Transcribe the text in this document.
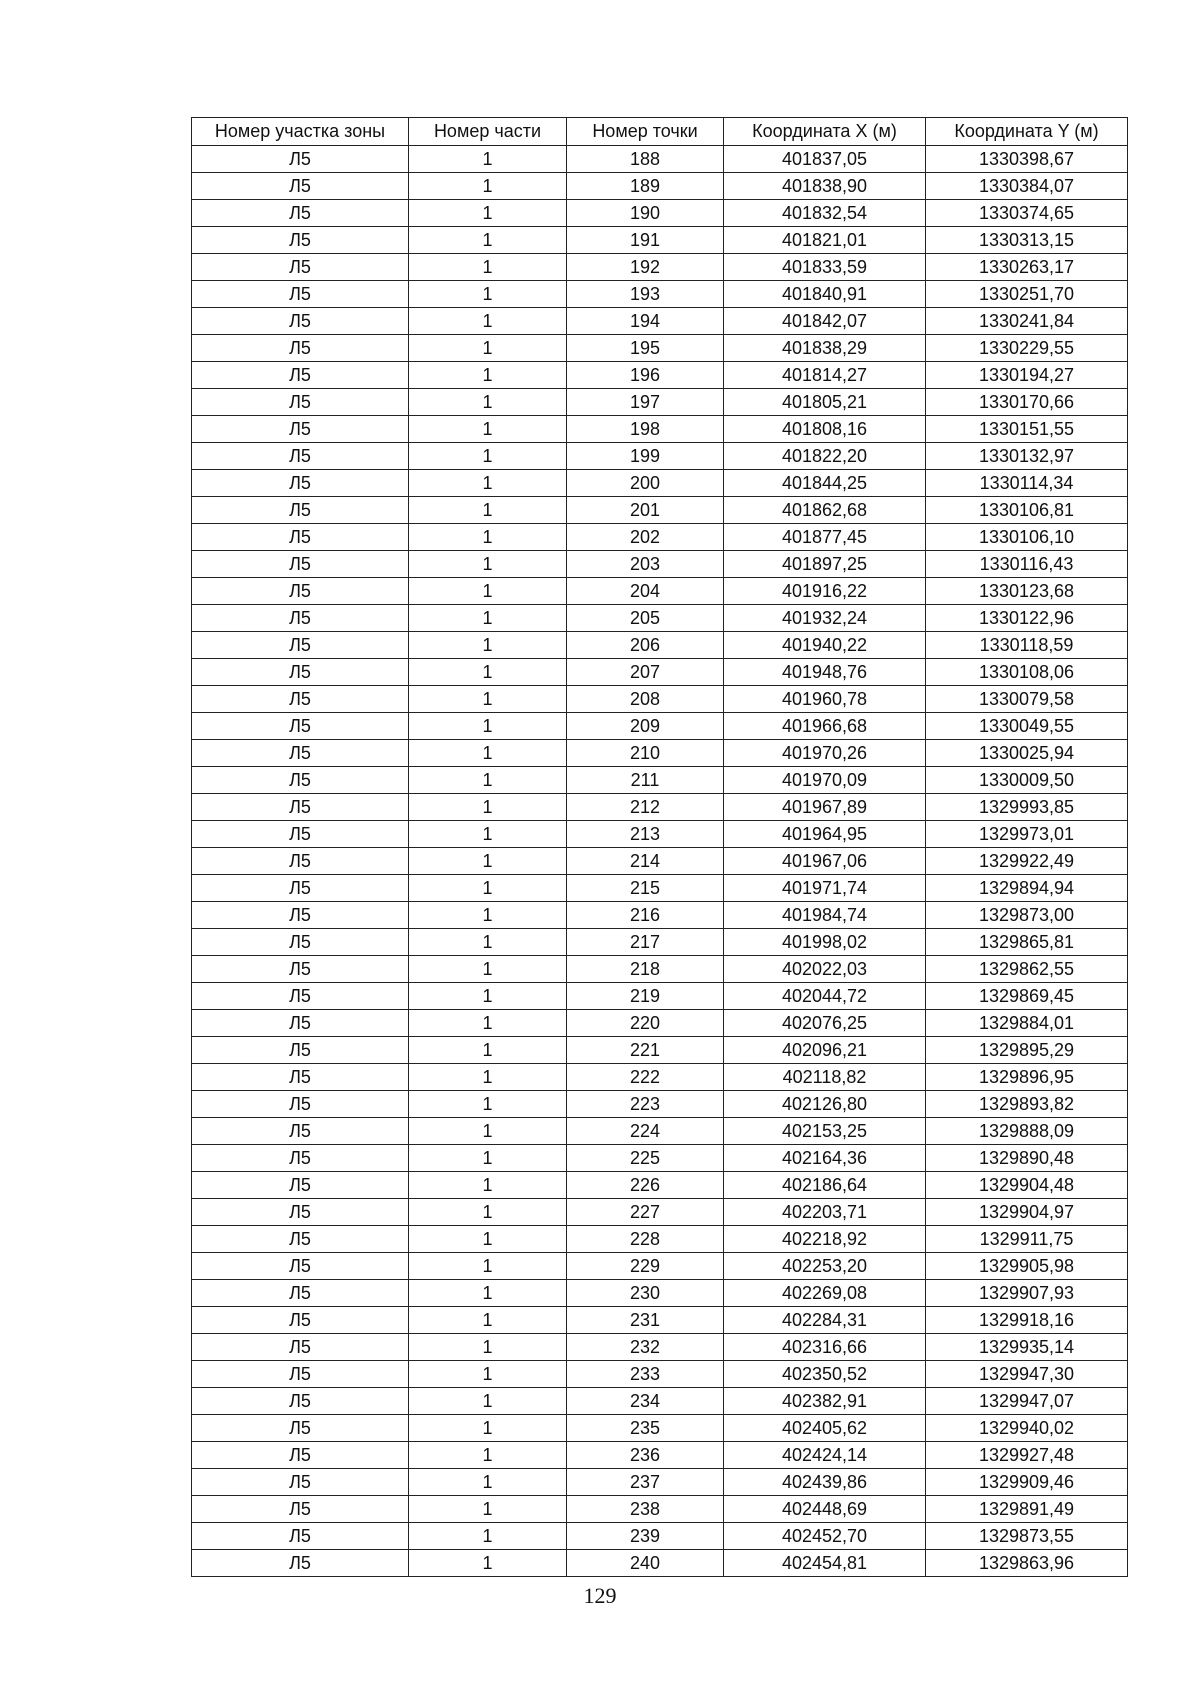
Номер участка зоны	Номер части	Номер точки	Координата X (м)	Координата Y (м)
Л5	1	188	401837,05	1330398,67
Л5	1	189	401838,90	1330384,07
Л5	1	190	401832,54	1330374,65
Л5	1	191	401821,01	1330313,15
Л5	1	192	401833,59	1330263,17
Л5	1	193	401840,91	1330251,70
Л5	1	194	401842,07	1330241,84
Л5	1	195	401838,29	1330229,55
Л5	1	196	401814,27	1330194,27
Л5	1	197	401805,21	1330170,66
Л5	1	198	401808,16	1330151,55
Л5	1	199	401822,20	1330132,97
Л5	1	200	401844,25	1330114,34
Л5	1	201	401862,68	1330106,81
Л5	1	202	401877,45	1330106,10
Л5	1	203	401897,25	1330116,43
Л5	1	204	401916,22	1330123,68
Л5	1	205	401932,24	1330122,96
Л5	1	206	401940,22	1330118,59
Л5	1	207	401948,76	1330108,06
Л5	1	208	401960,78	1330079,58
Л5	1	209	401966,68	1330049,55
Л5	1	210	401970,26	1330025,94
Л5	1	211	401970,09	1330009,50
Л5	1	212	401967,89	1329993,85
Л5	1	213	401964,95	1329973,01
Л5	1	214	401967,06	1329922,49
Л5	1	215	401971,74	1329894,94
Л5	1	216	401984,74	1329873,00
Л5	1	217	401998,02	1329865,81
Л5	1	218	402022,03	1329862,55
Л5	1	219	402044,72	1329869,45
Л5	1	220	402076,25	1329884,01
Л5	1	221	402096,21	1329895,29
Л5	1	222	402118,82	1329896,95
Л5	1	223	402126,80	1329893,82
Л5	1	224	402153,25	1329888,09
Л5	1	225	402164,36	1329890,48
Л5	1	226	402186,64	1329904,48
Л5	1	227	402203,71	1329904,97
Л5	1	228	402218,92	1329911,75
Л5	1	229	402253,20	1329905,98
Л5	1	230	402269,08	1329907,93
Л5	1	231	402284,31	1329918,16
Л5	1	232	402316,66	1329935,14
Л5	1	233	402350,52	1329947,30
Л5	1	234	402382,91	1329947,07
Л5	1	235	402405,62	1329940,02
Л5	1	236	402424,14	1329927,48
Л5	1	237	402439,86	1329909,46
Л5	1	238	402448,69	1329891,49
Л5	1	239	402452,70	1329873,55
Л5	1	240	402454,81	1329863,96
129
